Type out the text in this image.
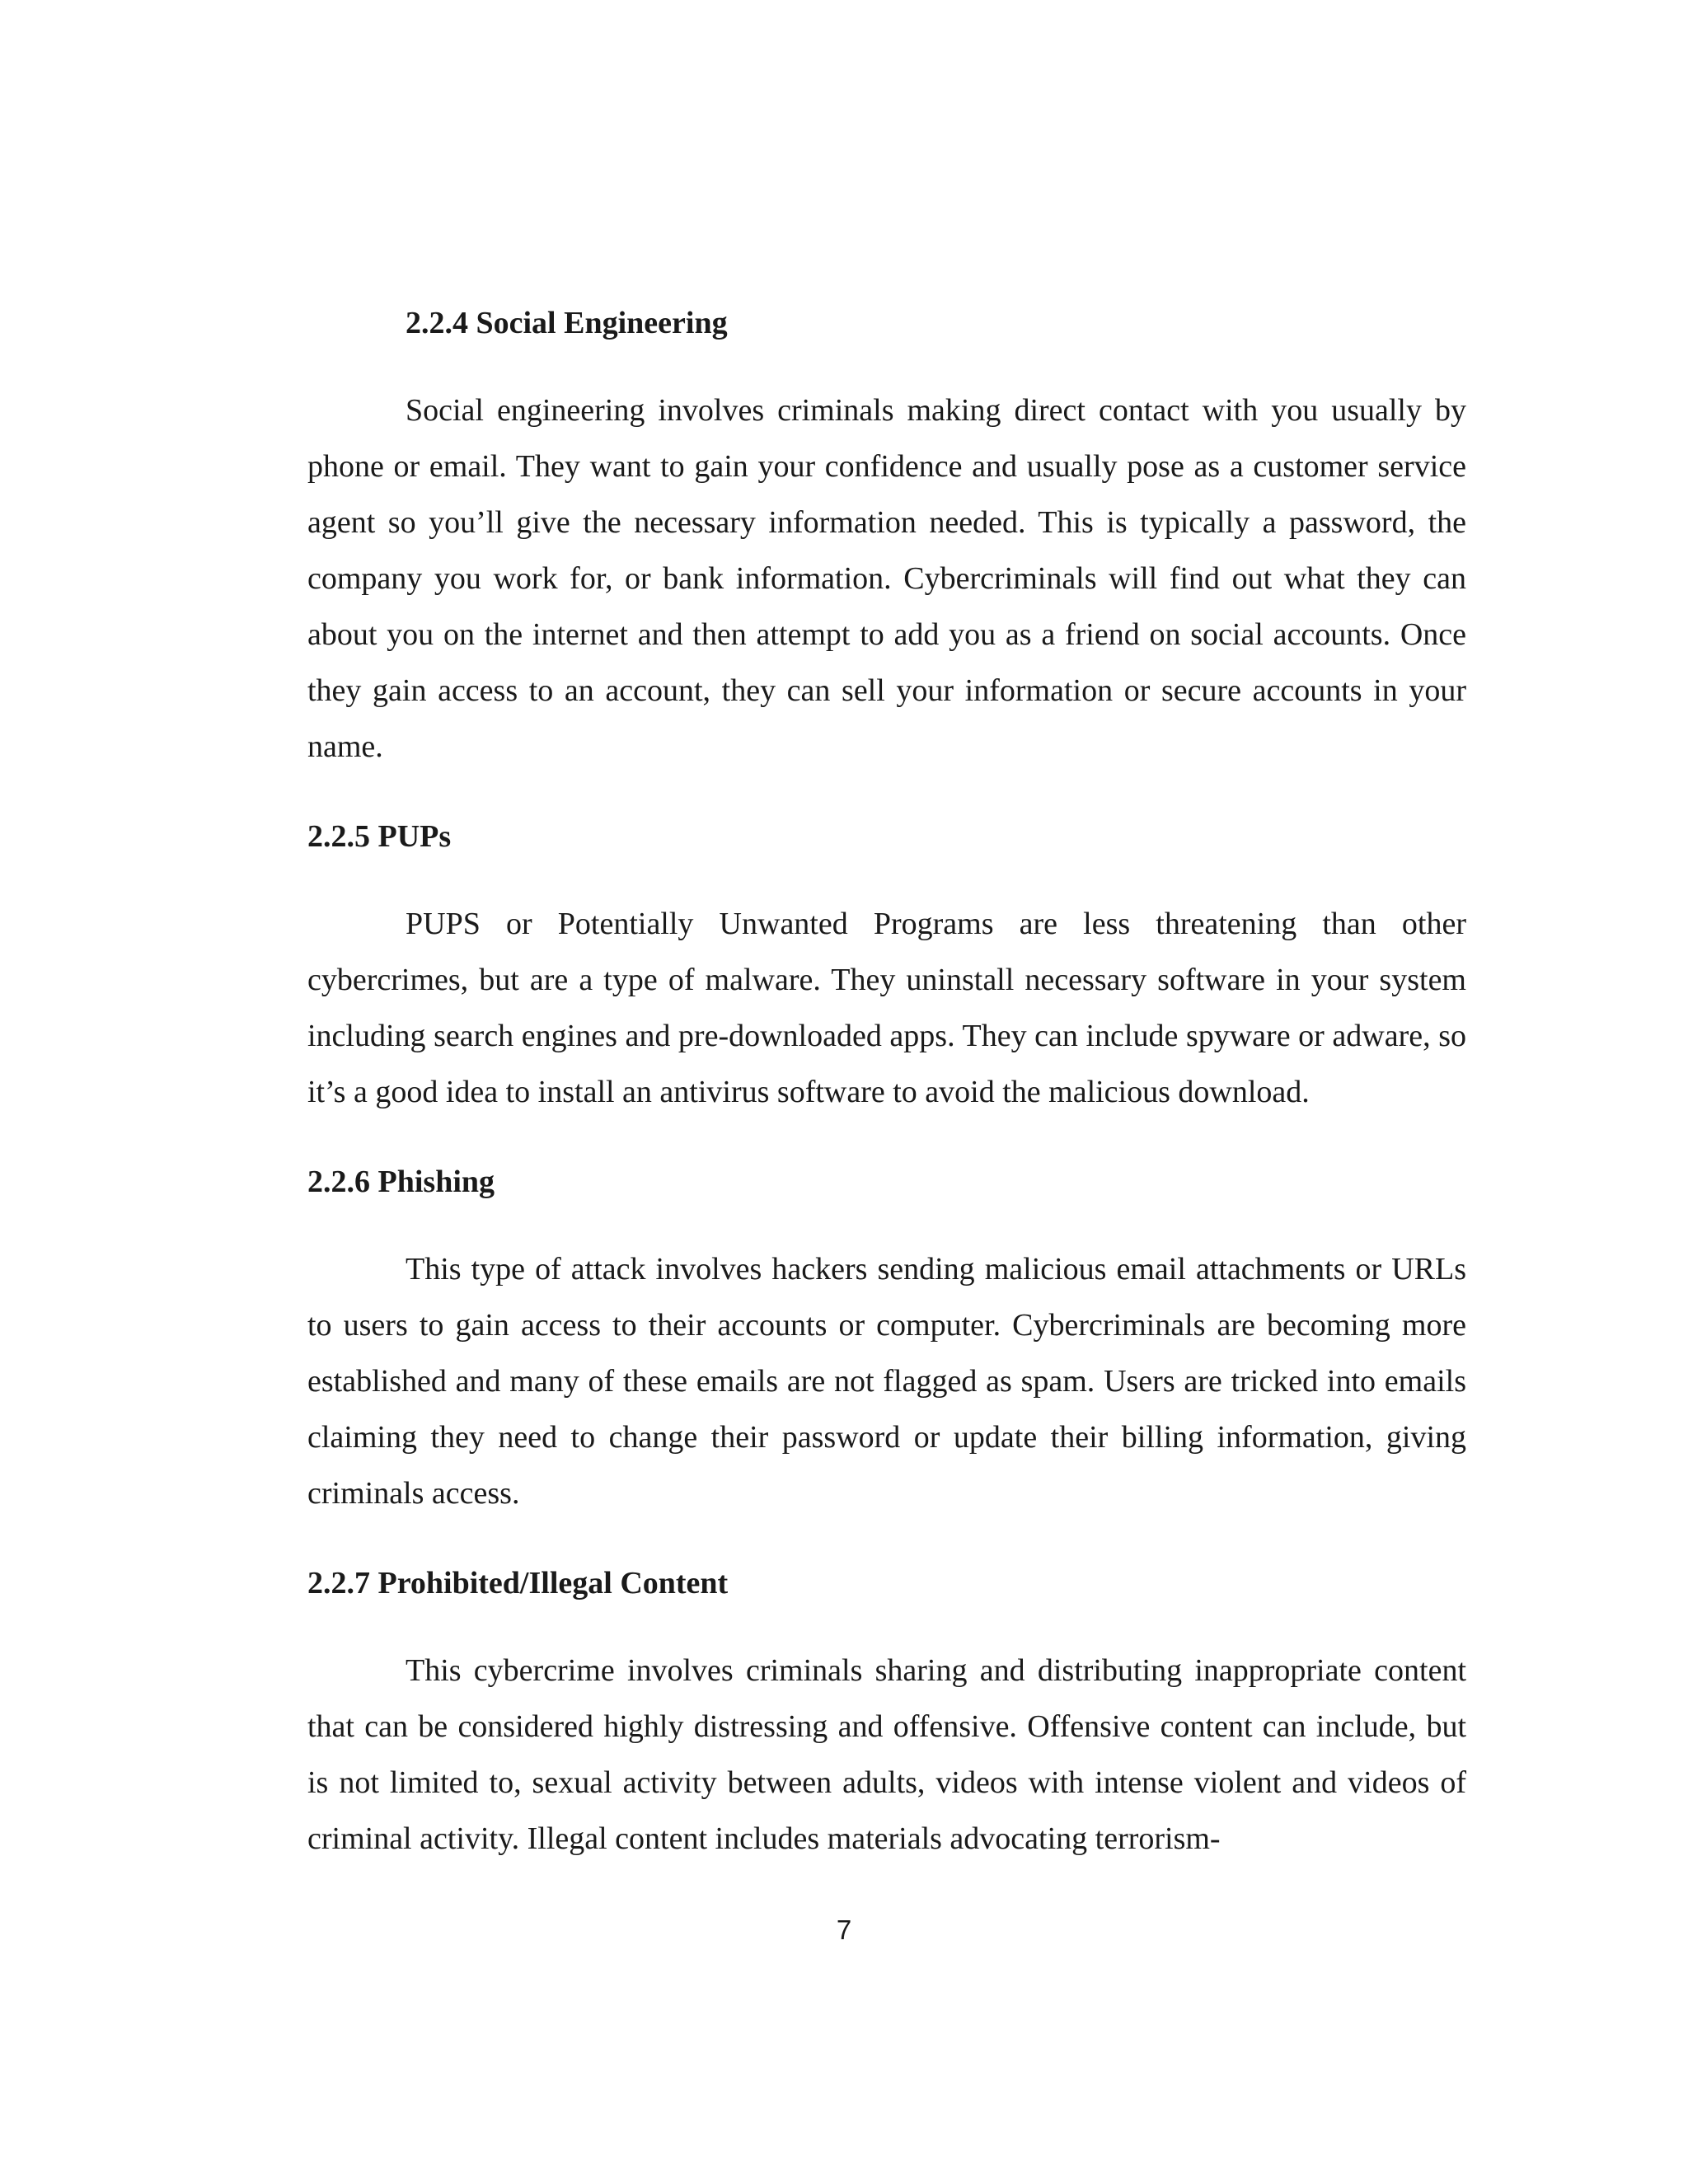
2.2.4 Social Engineering

Social engineering involves criminals making direct contact with you usually by phone or email. They want to gain your confidence and usually pose as a customer service agent so you’ll give the necessary information needed. This is typically a password, the company you work for, or bank information. Cybercriminals will find out what they can about you on the internet and then attempt to add you as a friend on social accounts. Once they gain access to an account, they can sell your information or secure accounts in your name.

2.2.5 PUPs

PUPS or Potentially Unwanted Programs are less threatening than other cybercrimes, but are a type of malware. They uninstall necessary software in your system including search engines and pre-downloaded apps. They can include spyware or adware, so it’s a good idea to install an antivirus software to avoid the malicious download.

2.2.6 Phishing

This type of attack involves hackers sending malicious email attachments or URLs to users to gain access to their accounts or computer. Cybercriminals are becoming more established and many of these emails are not flagged as spam. Users are tricked into emails claiming they need to change their password or update their billing information, giving criminals access.

2.2.7 Prohibited/Illegal Content

This cybercrime involves criminals sharing and distributing inappropriate content that can be considered highly distressing and offensive. Offensive content can include, but is not limited to, sexual activity between adults, videos with intense violent and videos of criminal activity. Illegal content includes materials advocating terrorism-

7
